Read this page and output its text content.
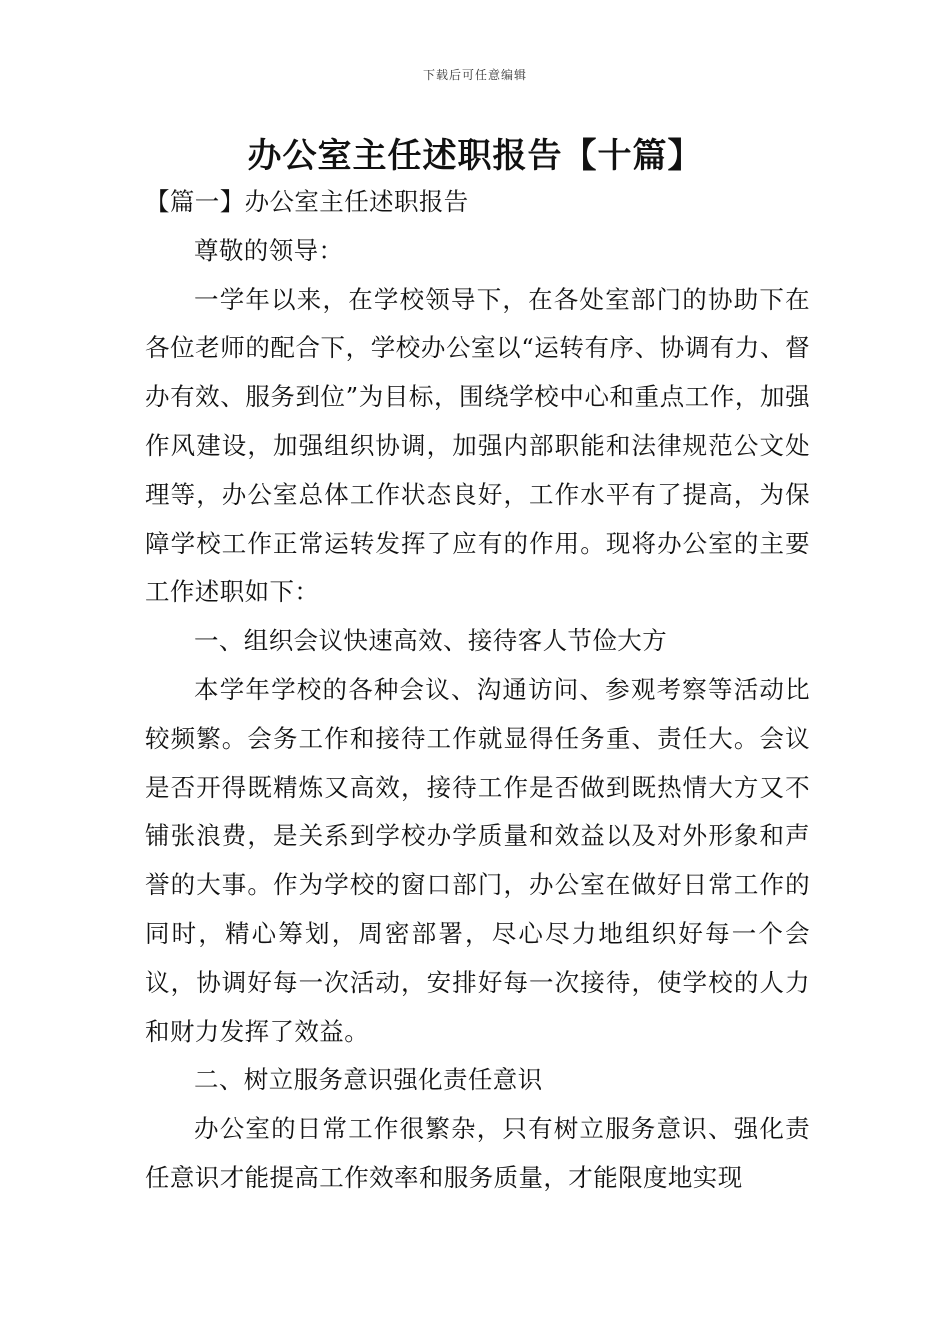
下载后可任意编辑
办公室主任述职报告【十篇】

【篇一】办公室主任述职报告

尊敬的领导：

一学年以来，在学校领导下，在各处室部门的协助下在各位老师的配合下，学校办公室以“运转有序、协调有力、督办有效、服务到位”为目标，围绕学校中心和重点工作，加强作风建设，加强组织协调，加强内部职能和法律规范公文处理等，办公室总体工作状态良好，工作水平有了提高，为保障学校工作正常运转发挥了应有的作用。现将办公室的主要工作述职如下：

一、组织会议快速高效、接待客人节俭大方

本学年学校的各种会议、沟通访问、参观考察等活动比较频繁。会务工作和接待工作就显得任务重、责任大。会议是否开得既精炼又高效，接待工作是否做到既热情大方又不铺张浪费，是关系到学校办学质量和效益以及对外形象和声誉的大事。作为学校的窗口部门，办公室在做好日常工作的同时，精心筹划，周密部署，尽心尽力地组织好每一个会议，协调好每一次活动，安排好每一次接待，使学校的人力和财力发挥了效益。

二、树立服务意识强化责任意识

办公室的日常工作很繁杂，只有树立服务意识、强化责任意识才能提高工作效率和服务质量，才能限度地实现
